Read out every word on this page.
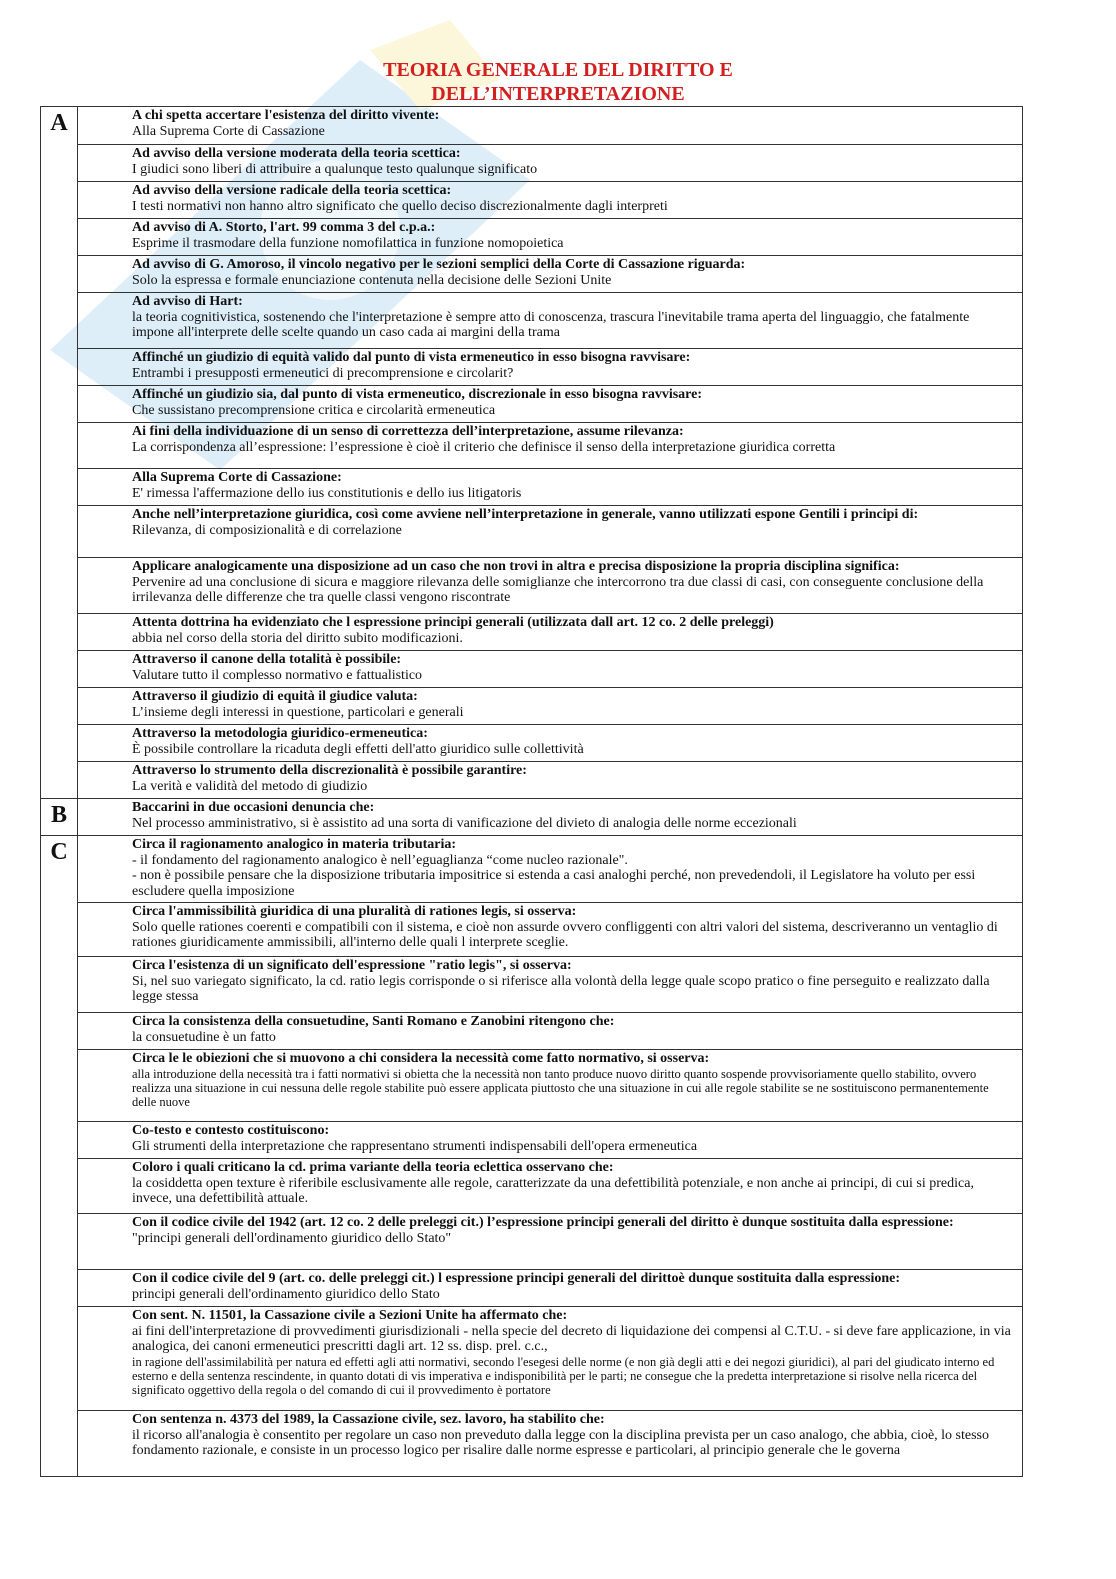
TEORIA GENERALE DEL DIRITTO E
DELL’INTERPRETAZIONE
A	A chi spetta accertare l'esistenza del diritto vivente:
Alla Suprema Corte di Cassazione

	Ad avviso della versione moderata della teoria scettica:
I giudici sono liberi di attribuire a qualunque testo qualunque significato

	Ad avviso della versione radicale della teoria scettica:
I testi normativi non hanno altro significato che quello deciso discrezionalmente dagli interpreti

	Ad avviso di A. Storto, l'art. 99 comma 3 del c.p.a.:
Esprime il trasmodare della funzione nomofilattica in funzione nomopoietica

	Ad avviso di G. Amoroso, il vincolo negativo per le sezioni semplici della Corte di Cassazione riguarda:
Solo la espressa e formale enunciazione contenuta nella decisione delle Sezioni Unite

	Ad avviso di Hart:
la teoria cognitivistica, sostenendo che l'interpretazione è sempre atto di conoscenza, trascura l'inevitabile trama aperta del linguaggio, che fatalmente impone all'interprete delle scelte quando un caso cada ai margini della trama

	Affinché un giudizio di equità valido dal punto di vista ermeneutico in esso bisogna ravvisare:
Entrambi i presupposti ermeneutici di precomprensione e circolarit?

	Affinché un giudizio sia, dal punto di vista ermeneutico, discrezionale in esso bisogna ravvisare:
Che sussistano precomprensione critica e circolarità ermeneutica

	Ai fini della individuazione di un senso di correttezza dell’interpretazione, assume rilevanza:
La corrispondenza all’espressione: l’espressione è cioè il criterio che definisce il senso della interpretazione giuridica corretta

	Alla Suprema Corte di Cassazione:
E' rimessa l'affermazione dello ius constitutionis e dello ius litigatoris

	Anche nell’interpretazione giuridica, così come avviene nell’interpretazione in generale, vanno utilizzati espone Gentili i principi di:
Rilevanza, di composizionalità e di correlazione

	Applicare analogicamente una disposizione ad un caso che non trovi in altra e precisa disposizione la propria disciplina significa:
Pervenire ad una conclusione di sicura e maggiore rilevanza delle somiglianze che intercorrono tra due classi di casi, con conseguente conclusione della irrilevanza delle differenze che tra quelle classi vengono riscontrate

	Attenta dottrina ha evidenziato che l espressione principi generali (utilizzata dall art. 12 co. 2 delle preleggi)
abbia nel corso della storia del diritto subito modificazioni.

	Attraverso il canone della totalità è possibile:
Valutare tutto il complesso normativo e fattualistico

	Attraverso il giudizio di equità il giudice valuta:
L’insieme degli interessi in questione, particolari e generali

	Attraverso la metodologia giuridico-ermeneutica:
È possibile controllare la ricaduta degli effetti dell'atto giuridico sulle collettività

	Attraverso lo strumento della discrezionalità è possibile garantire:
La verità e validità del metodo di giudizio

B	Baccarini in due occasioni denuncia che:
Nel processo amministrativo, si è assistito ad una sorta di vanificazione del divieto di analogia delle norme eccezionali

C	Circa il ragionamento analogico in materia tributaria:
- il fondamento del ragionamento analogico è nell’eguaglianza “come nucleo razionale".
- non è possibile pensare che la disposizione tributaria impositrice si estenda a casi analoghi perché, non prevedendoli, il Legislatore ha voluto per essi escludere quella imposizione

	Circa l'ammissibilità giuridica di una pluralità di rationes legis, si osserva:
Solo quelle rationes coerenti e compatibili con il sistema, e cioè non assurde ovvero confliggenti con altri valori del sistema, descriveranno un ventaglio di rationes giuridicamente ammissibili, all'interno delle quali l interprete sceglie.

	Circa l'esistenza di un significato dell'espressione "ratio legis", si osserva:
Si, nel suo variegato significato, la cd. ratio legis corrisponde o si riferisce alla volontà della legge quale scopo pratico o fine perseguito e realizzato dalla legge stessa

	Circa la consistenza della consuetudine, Santi Romano e Zanobini ritengono che:
la consuetudine è un fatto

	Circa le le obiezioni che si muovono a chi considera la necessità come fatto normativo, si osserva:
alla introduzione della necessità tra i fatti normativi si obietta che la necessità non tanto produce nuovo diritto quanto sospende provvisoriamente quello stabilito, ovvero realizza una situazione in cui nessuna delle regole stabilite può essere applicata piuttosto che una situazione in cui alle regole stabilite se ne sostituiscono permanentemente delle nuove

	Co-testo e contesto costituiscono:
Gli strumenti della interpretazione che rappresentano strumenti indispensabili dell'opera ermeneutica

	Coloro i quali criticano la cd. prima variante della teoria eclettica osservano che:
la cosiddetta open texture è riferibile esclusivamente alle regole, caratterizzate da una defettibilità potenziale, e non anche ai principi, di cui si predica, invece, una defettibilità attuale.

	Con il codice civile del 1942 (art. 12 co. 2 delle preleggi cit.) l’espressione principi generali del diritto è dunque sostituita dalla espressione:
"principi generali dell'ordinamento giuridico dello Stato"

	Con il codice civile del 9 (art. co. delle preleggi cit.) l espressione principi generali del dirittoè dunque sostituita dalla espressione:
principi generali dell'ordinamento giuridico dello Stato

	Con sent. N. 11501, la Cassazione civile a Sezioni Unite ha affermato che:
ai fini dell'interpretazione di provvedimenti giurisdizionali - nella specie del decreto di liquidazione dei compensi al C.T.U. - si deve fare applicazione, in via analogica, dei canoni ermeneutici prescritti dagli art. 12 ss. disp. prel. c.c.,
in ragione dell'assimilabilità per natura ed effetti agli atti normativi, secondo l'esegesi delle norme (e non già degli atti e dei negozi giuridici), al pari del giudicato interno ed esterno e della sentenza rescindente, in quanto dotati di vis imperativa e indisponibilità per le parti; ne consegue che la predetta interpretazione si risolve nella ricerca del significato oggettivo della regola o del comando di cui il provvedimento è portatore

	Con sentenza n. 4373 del 1989, la Cassazione civile, sez. lavoro, ha stabilito che:
il ricorso all'analogia è consentito per regolare un caso non preveduto dalla legge con la disciplina prevista per un caso analogo, che abbia, cioè, lo stesso fondamento razionale, e consiste in un processo logico per risalire dalle norme espresse e particolari, al principio generale che le governa
